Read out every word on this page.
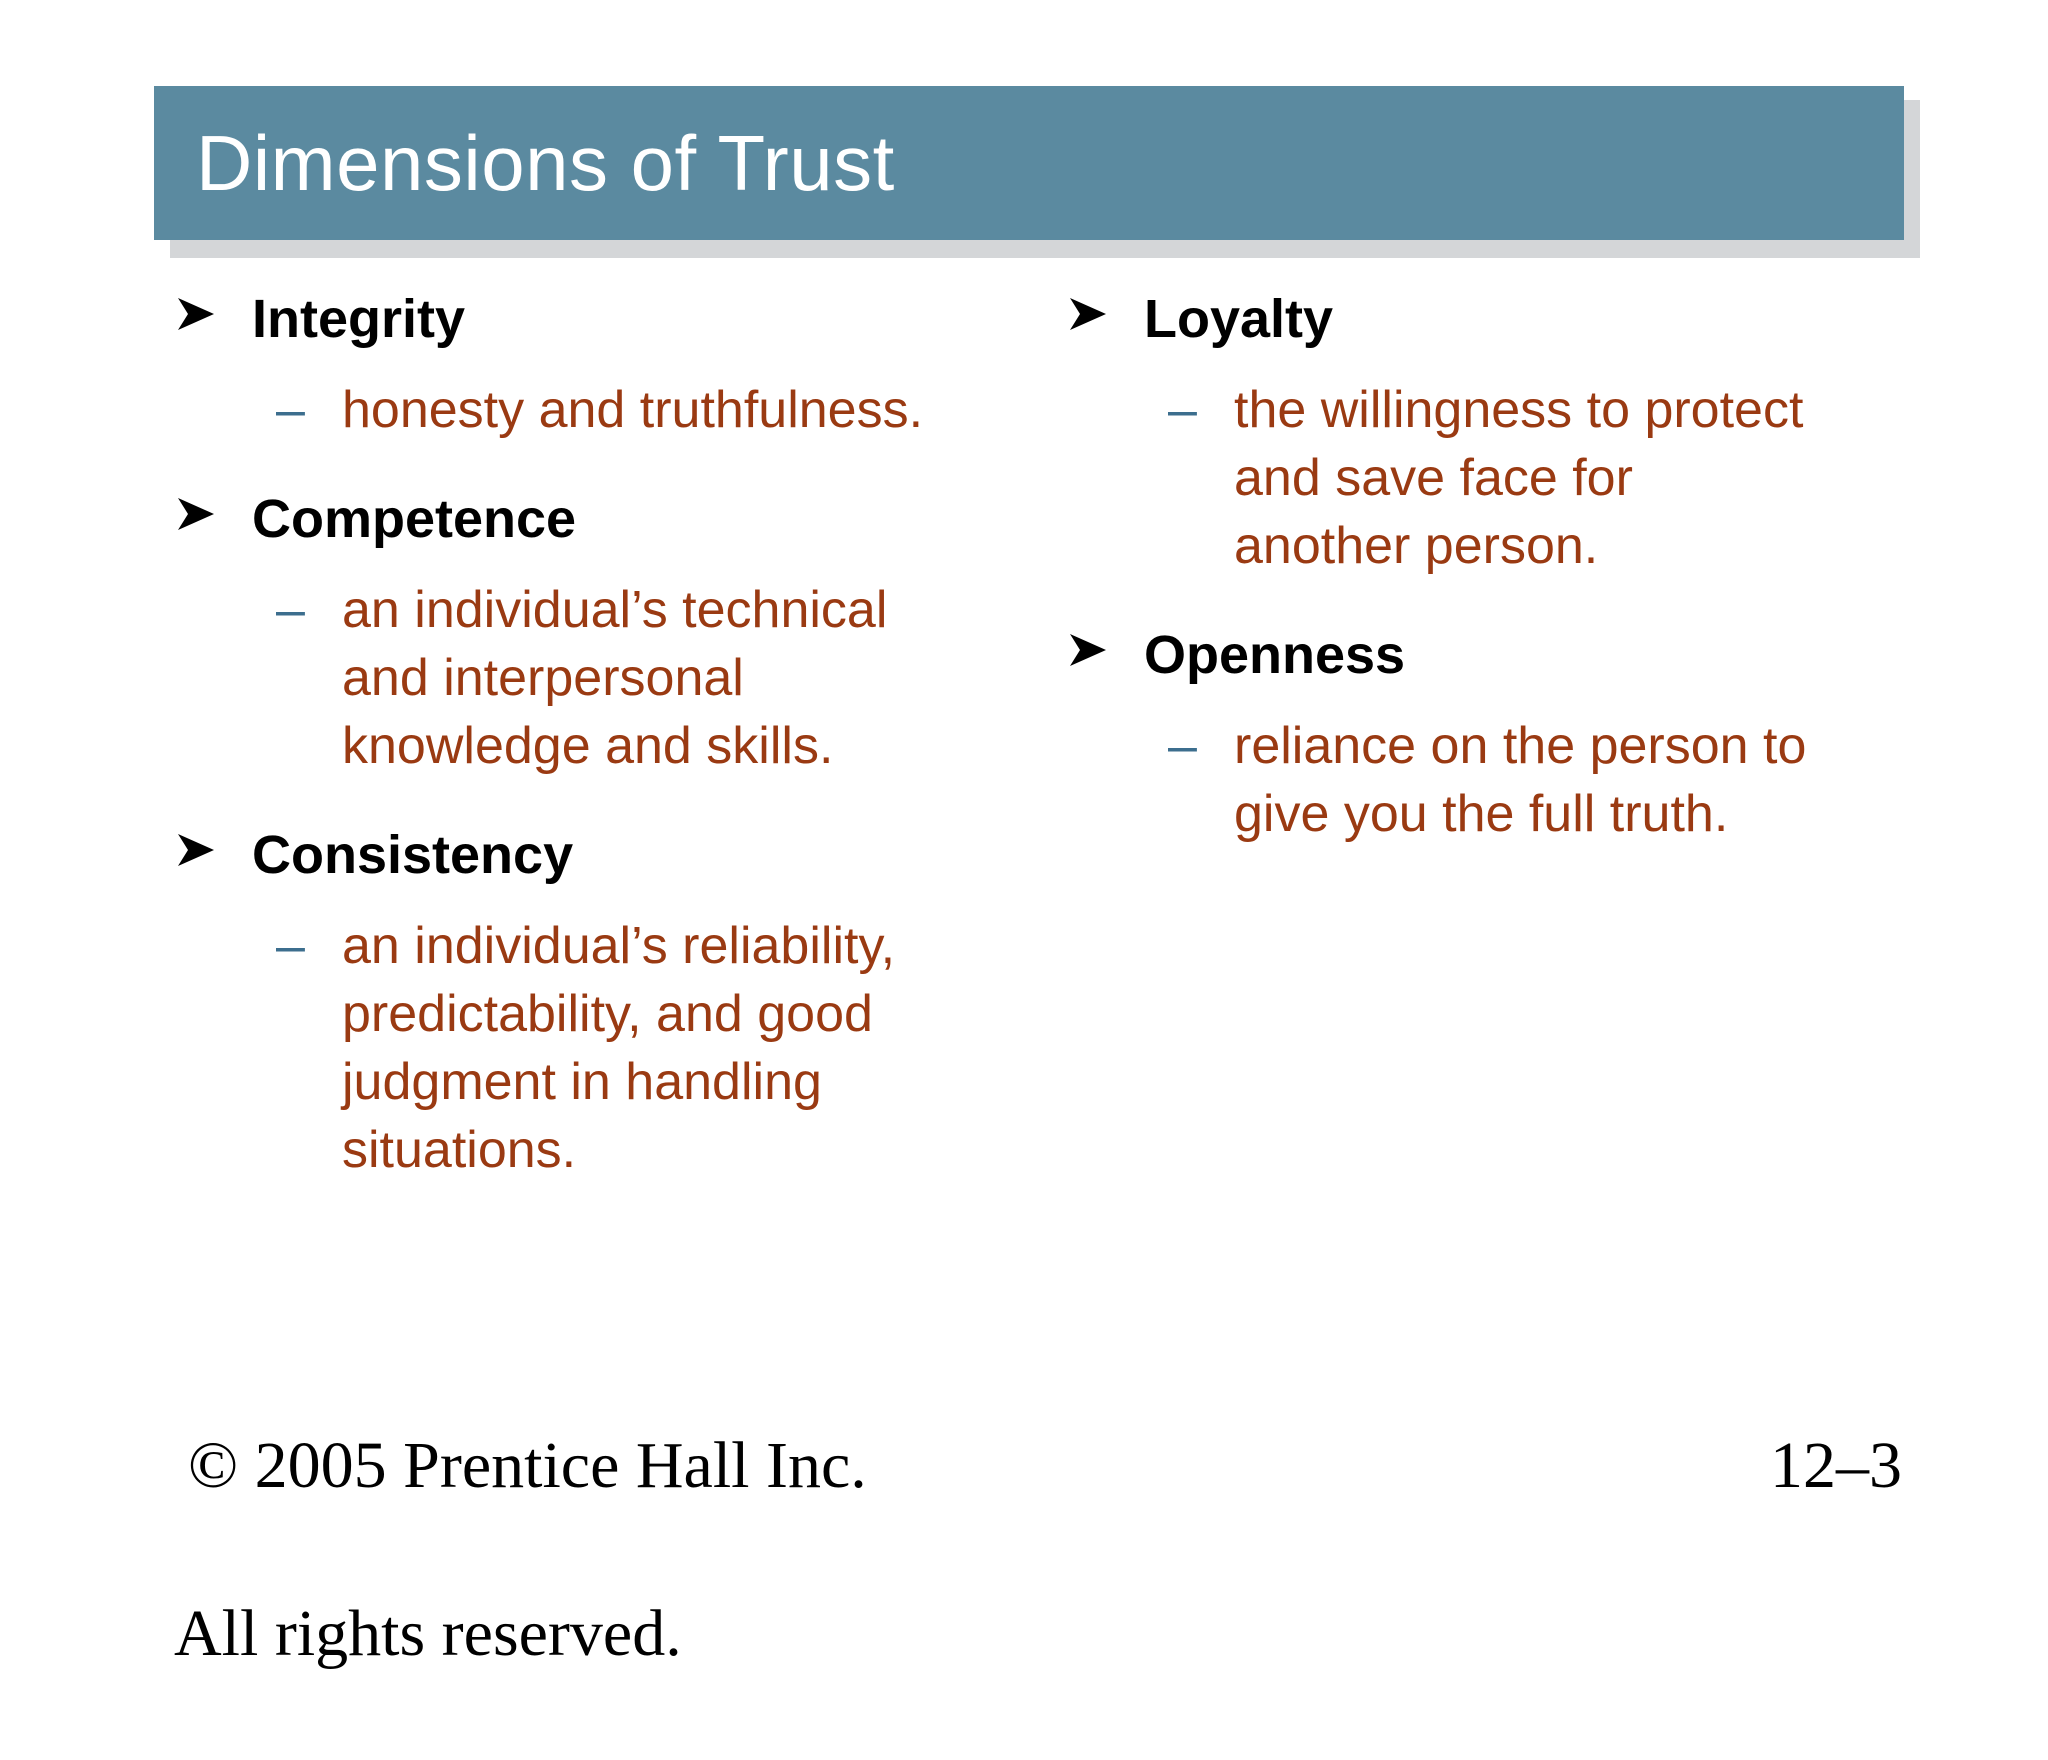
Dimensions of Trust
Integrity
– honesty and truthfulness.
Competence
– an individual’s technical
and interpersonal
knowledge and skills.
Consistency
– an individual’s reliability,
predictability, and good
judgment in handling
situations.
Loyalty
– the willingness to protect
and save face for
another person.
Openness
– reliance on the person to
give you the full truth.

© 2005 Prentice Hall Inc.

All rights reserved.

12–3
